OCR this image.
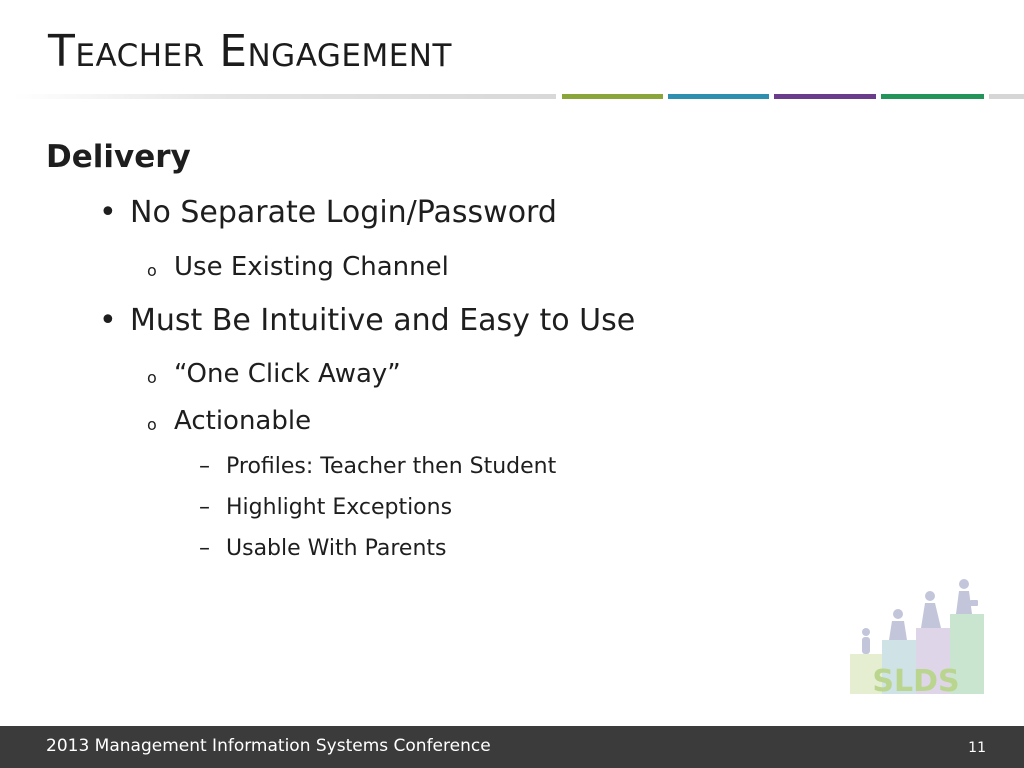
Teacher Engagement
Delivery
• No Separate Login/Password
o Use Existing Channel
• Must Be Intuitive and Easy to Use
o “One Click Away”
o Actionable
– Profiles: Teacher then Student
– Highlight Exceptions
– Usable With Parents
SLDS
2013 Management Information Systems Conference	11
